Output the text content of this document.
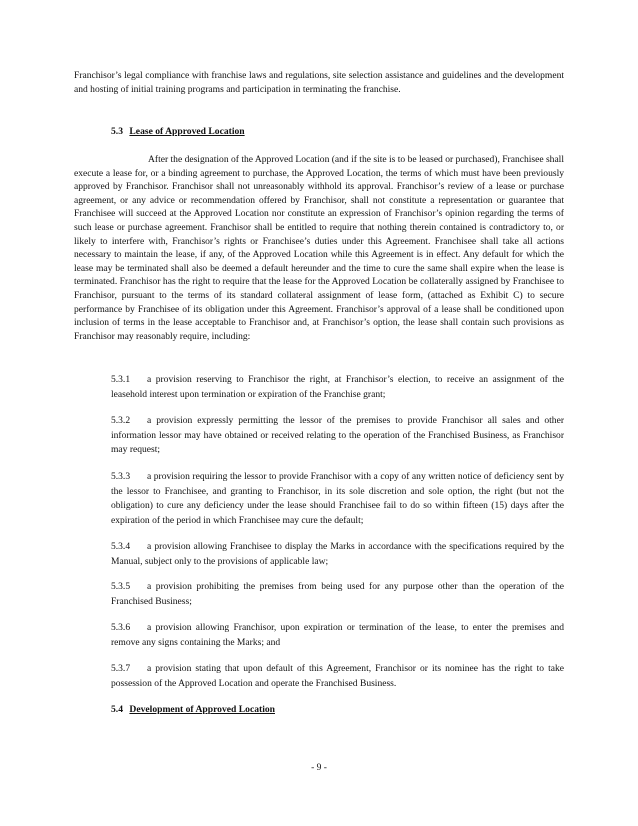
Franchisor’s legal compliance with franchise laws and regulations, site selection assistance and guidelines and the development and hosting of initial training programs and participation in terminating the franchise.

5.3 Lease of Approved Location

After the designation of the Approved Location (and if the site is to be leased or purchased), Franchisee shall execute a lease for, or a binding agreement to purchase, the Approved Location, the terms of which must have been previously approved by Franchisor. Franchisor shall not unreasonably withhold its approval. Franchisor’s review of a lease or purchase agreement, or any advice or recommendation offered by Franchisor, shall not constitute a representation or guarantee that Franchisee will succeed at the Approved Location nor constitute an expression of Franchisor’s opinion regarding the terms of such lease or purchase agreement. Franchisor shall be entitled to require that nothing therein contained is contradictory to, or likely to interfere with, Franchisor’s rights or Franchisee’s duties under this Agreement. Franchisee shall take all actions necessary to maintain the lease, if any, of the Approved Location while this Agreement is in effect. Any default for which the lease may be terminated shall also be deemed a default hereunder and the time to cure the same shall expire when the lease is terminated. Franchisor has the right to require that the lease for the Approved Location be collaterally assigned by Franchisee to Franchisor, pursuant to the terms of its standard collateral assignment of lease form, (attached as Exhibit C) to secure performance by Franchisee of its obligation under this Agreement. Franchisor’s approval of a lease shall be conditioned upon inclusion of terms in the lease acceptable to Franchisor and, at Franchisor’s option, the lease shall contain such provisions as Franchisor may reasonably require, including:

5.3.1 a provision reserving to Franchisor the right, at Franchisor’s election, to receive an assignment of the leasehold interest upon termination or expiration of the Franchise grant;

5.3.2 a provision expressly permitting the lessor of the premises to provide Franchisor all sales and other information lessor may have obtained or received relating to the operation of the Franchised Business, as Franchisor may request;

5.3.3 a provision requiring the lessor to provide Franchisor with a copy of any written notice of deficiency sent by the lessor to Franchisee, and granting to Franchisor, in its sole discretion and sole option, the right (but not the obligation) to cure any deficiency under the lease should Franchisee fail to do so within fifteen (15) days after the expiration of the period in which Franchisee may cure the default;

5.3.4 a provision allowing Franchisee to display the Marks in accordance with the specifications required by the Manual, subject only to the provisions of applicable law;

5.3.5 a provision prohibiting the premises from being used for any purpose other than the operation of the Franchised Business;

5.3.6 a provision allowing Franchisor, upon expiration or termination of the lease, to enter the premises and remove any signs containing the Marks; and

5.3.7 a provision stating that upon default of this Agreement, Franchisor or its nominee has the right to take possession of the Approved Location and operate the Franchised Business.

5.4 Development of Approved Location
- 9 -
